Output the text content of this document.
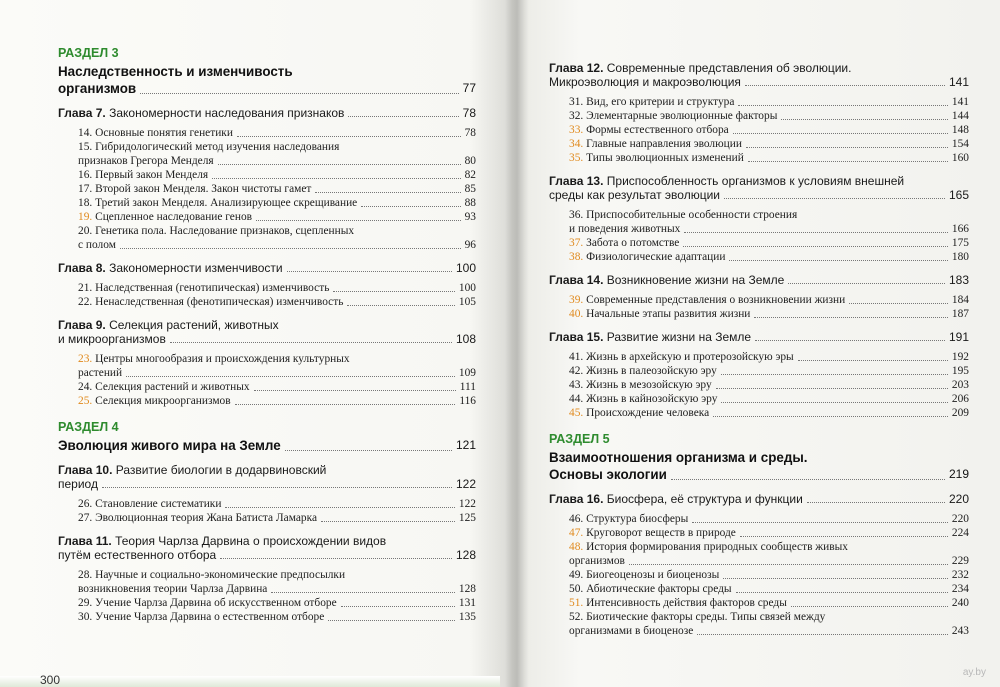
РАЗДЕЛ 3
Наследственность и изменчивость
организмов	77
Глава 7. Закономерности наследования признаков	78
14. Основные понятия генетики	78
15. Гибридологический метод изучения наследования
признаков Грегора Менделя	80
16. Первый закон Менделя	82
17. Второй закон Менделя. Закон чистоты гамет	85
18. Третий закон Менделя. Анализирующее скрещивание	88
19. Сцепленное наследование генов	93
20. Генетика пола. Наследование признаков, сцепленных
с полом	96
Глава 8. Закономерности изменчивости	100
21. Наследственная (генотипическая) изменчивость	100
22. Ненаследственная (фенотипическая) изменчивость	105
Глава 9. Селекция растений, животных
и микроорганизмов	108
23. Центры многообразия и происхождения культурных
растений	109
24. Селекция растений и животных	111
25. Селекция микроорганизмов	116
РАЗДЕЛ 4
Эволюция живого мира на Земле	121
Глава 10. Развитие биологии в додарвиновский
период	122
26. Становление систематики	122
27. Эволюционная теория Жана Батиста Ламарка	125
Глава 11. Теория Чарлза Дарвина о происхождении видов
путём естественного отбора	128
28. Научные и социально-экономические предпосылки
возникновения теории Чарлза Дарвина	128
29. Учение Чарлза Дарвина об искусственном отборе	131
30. Учение Чарлза Дарвина о естественном отборе	135
Глава 12. Современные представления об эволюции.
Микроэволюция и макроэволюция	141
31. Вид, его критерии и структура	141
32. Элементарные эволюционные факторы	144
33. Формы естественного отбора	148
34. Главные направления эволюции	154
35. Типы эволюционных изменений	160
Глава 13. Приспособленность организмов к условиям внешней
среды как результат эволюции	165
36. Приспособительные особенности строения
и поведения животных	166
37. Забота о потомстве	175
38. Физиологические адаптации	180
Глава 14. Возникновение жизни на Земле	183
39. Современные представления о возникновении жизни	184
40. Начальные этапы развития жизни	187
Глава 15. Развитие жизни на Земле	191
41. Жизнь в архейскую и протерозойскую эры	192
42. Жизнь в палеозойскую эру	195
43. Жизнь в мезозойскую эру	203
44. Жизнь в кайнозойскую эру	206
45. Происхождение человека	209
РАЗДЕЛ 5
Взаимоотношения организма и среды.
Основы экологии	219
Глава 16. Биосфера, её структура и функции	220
46. Структура биосферы	220
47. Круговорот веществ в природе	224
48. История формирования природных сообществ живых
организмов	229
49. Биогеоценозы и биоценозы	232
50. Абиотические факторы среды	234
51. Интенсивность действия факторов среды	240
52. Биотические факторы среды. Типы связей между
организмами в биоценозе	243
300
ay.by
